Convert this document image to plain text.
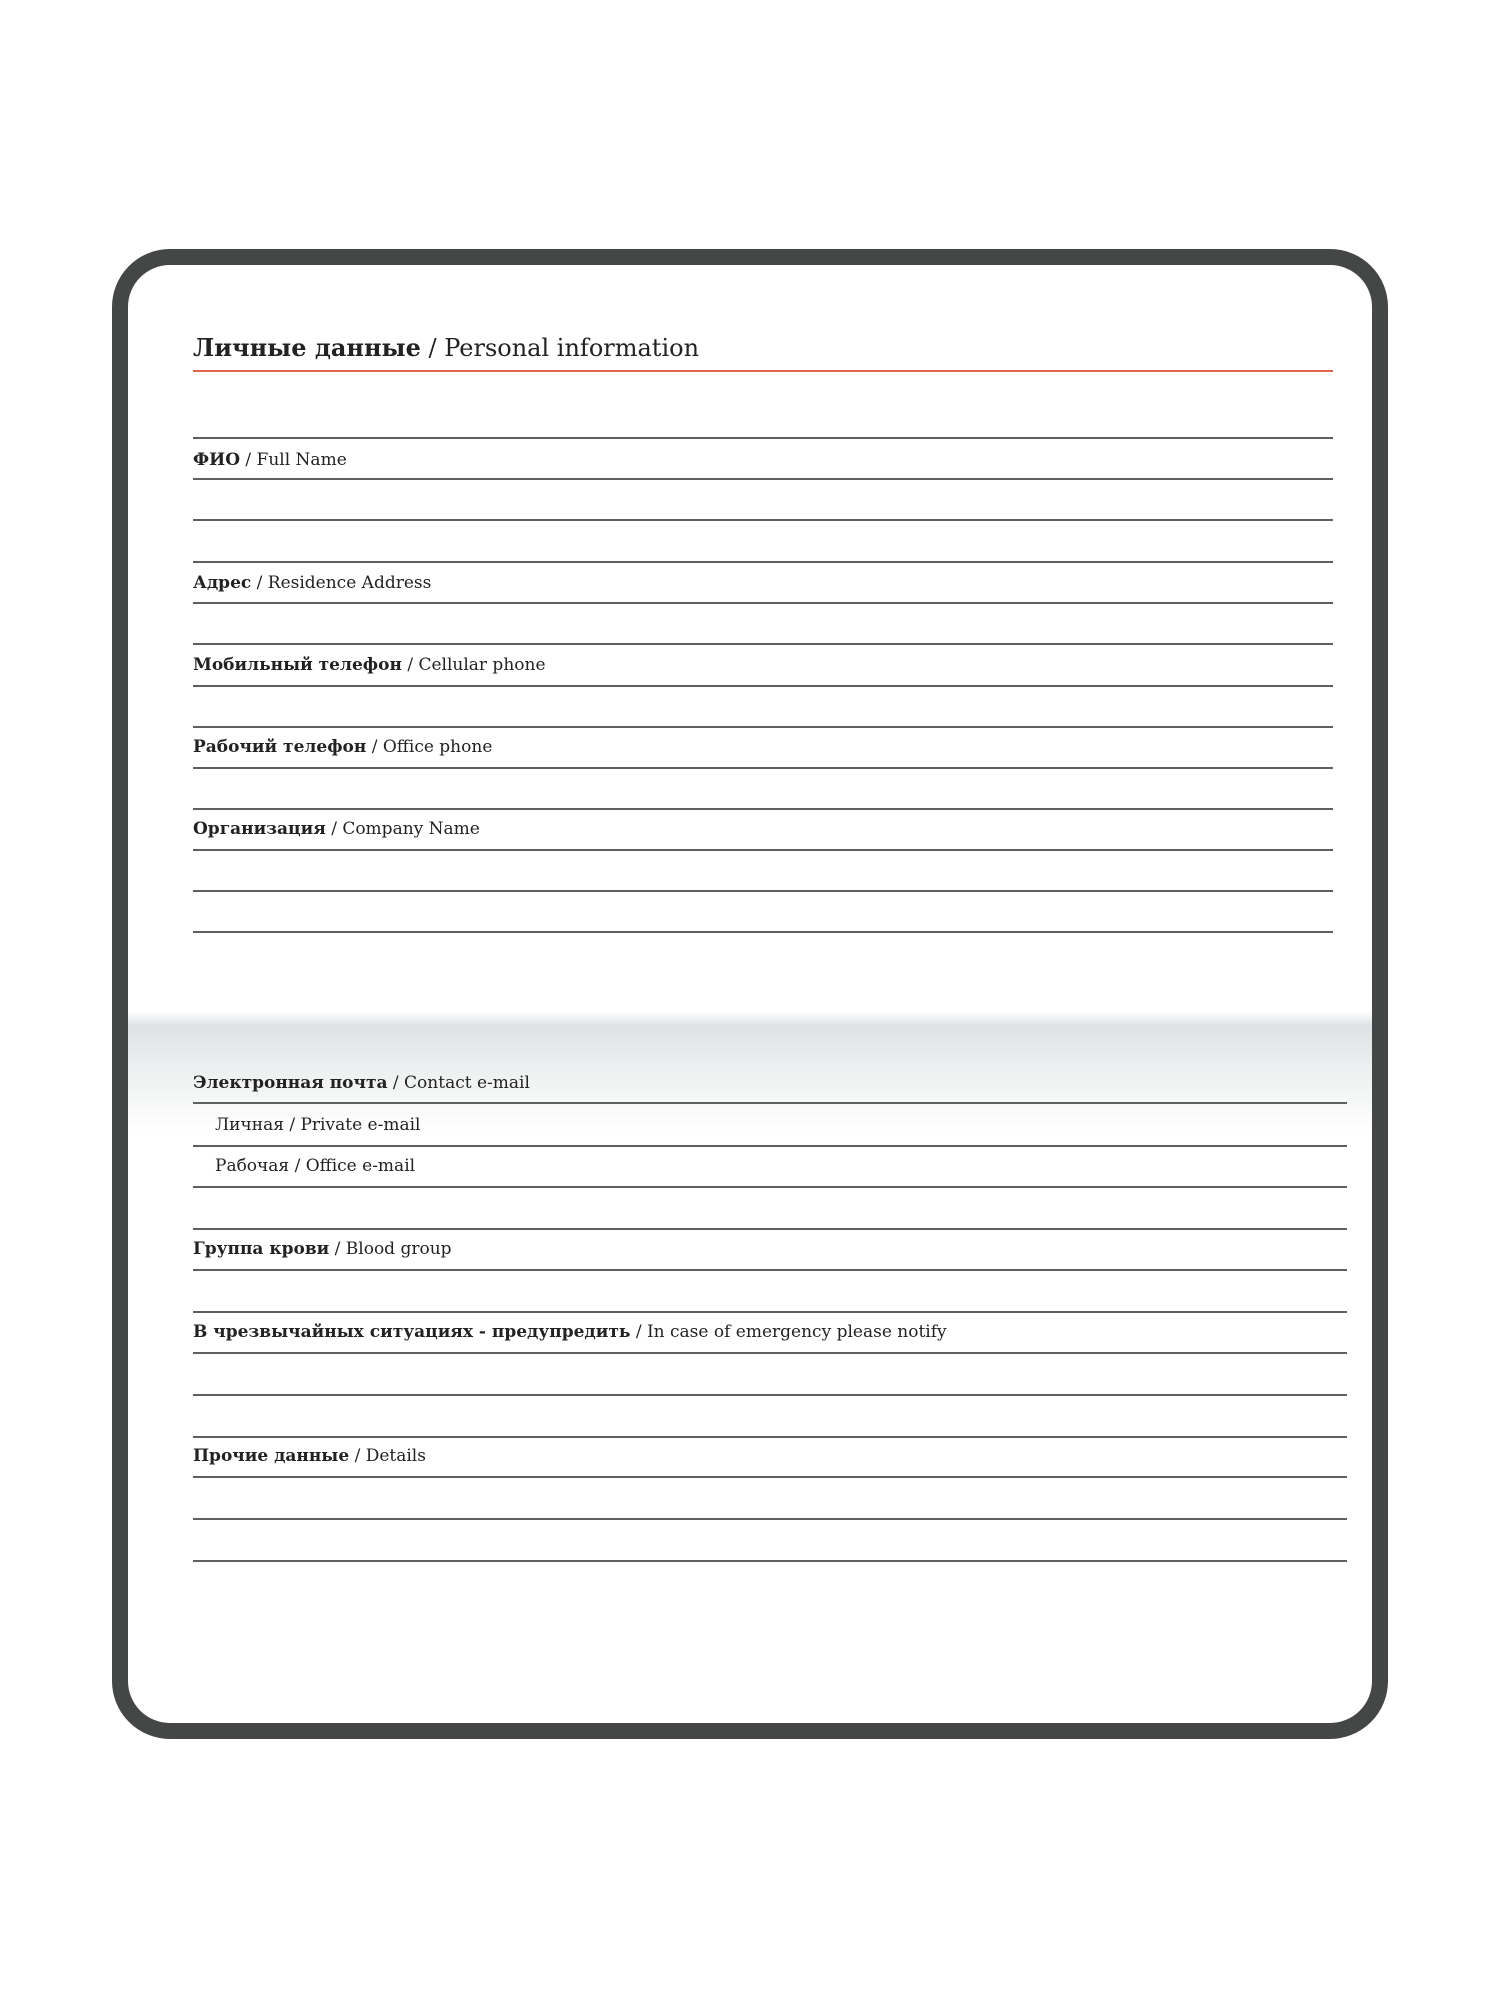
Личные данные / Personal information
ФИО / Full Name
Адрес / Residence Address
Мобильный телефон / Cellular phone
Рабочий телефон / Office phone
Организация / Company Name
Электронная почта / Contact e-mail
Личная / Private e-mail
Рабочая / Office e-mail
Группа крови / Blood group
В чрезвычайных ситуациях - предупредить / In case of emergency please notify
Прочие данные / Details
